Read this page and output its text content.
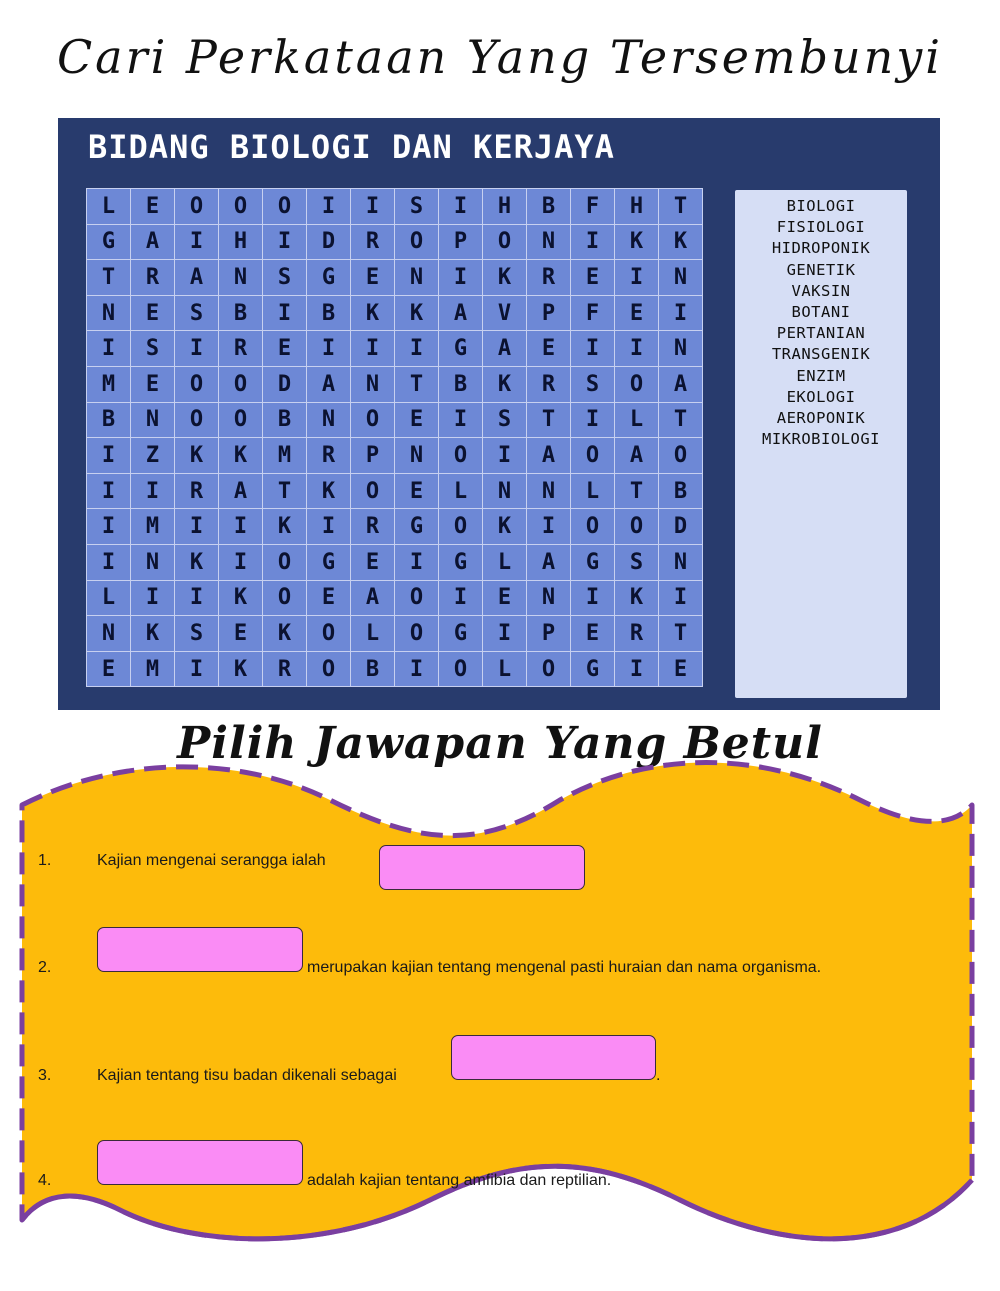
Cari Perkataan Yang Tersembunyi
BIDANG BIOLOGI DAN KERJAYA
L	E	O	O	O	I	I	S	I	H	B	F	H	T
G	A	I	H	I	D	R	O	P	O	N	I	K	K
T	R	A	N	S	G	E	N	I	K	R	E	I	N
N	E	S	B	I	B	K	K	A	V	P	F	E	I
I	S	I	R	E	I	I	I	G	A	E	I	I	N
M	E	O	O	D	A	N	T	B	K	R	S	O	A
B	N	O	O	B	N	O	E	I	S	T	I	L	T
I	Z	K	K	M	R	P	N	O	I	A	O	A	O
I	I	R	A	T	K	O	E	L	N	N	L	T	B
I	M	I	I	K	I	R	G	O	K	I	O	O	D
I	N	K	I	O	G	E	I	G	L	A	G	S	N
L	I	I	K	O	E	A	O	I	E	N	I	K	I
N	K	S	E	K	O	L	O	G	I	P	E	R	T
E	M	I	K	R	O	B	I	O	L	O	G	I	E
BIOLOGI
FISIOLOGI
HIDROPONIK
GENETIK
VAKSIN
BOTANI
PERTANIAN
TRANSGENIK
ENZIM
EKOLOGI
AEROPONIK
MIKROBIOLOGI
Pilih Jawapan Yang Betul
1.	Kajian mengenai serangga ialah
2.	merupakan kajian tentang mengenal pasti huraian dan nama organisma.
3.	Kajian tentang tisu badan dikenali sebagai	.
4.	adalah kajian tentang amfibia dan reptilian.
